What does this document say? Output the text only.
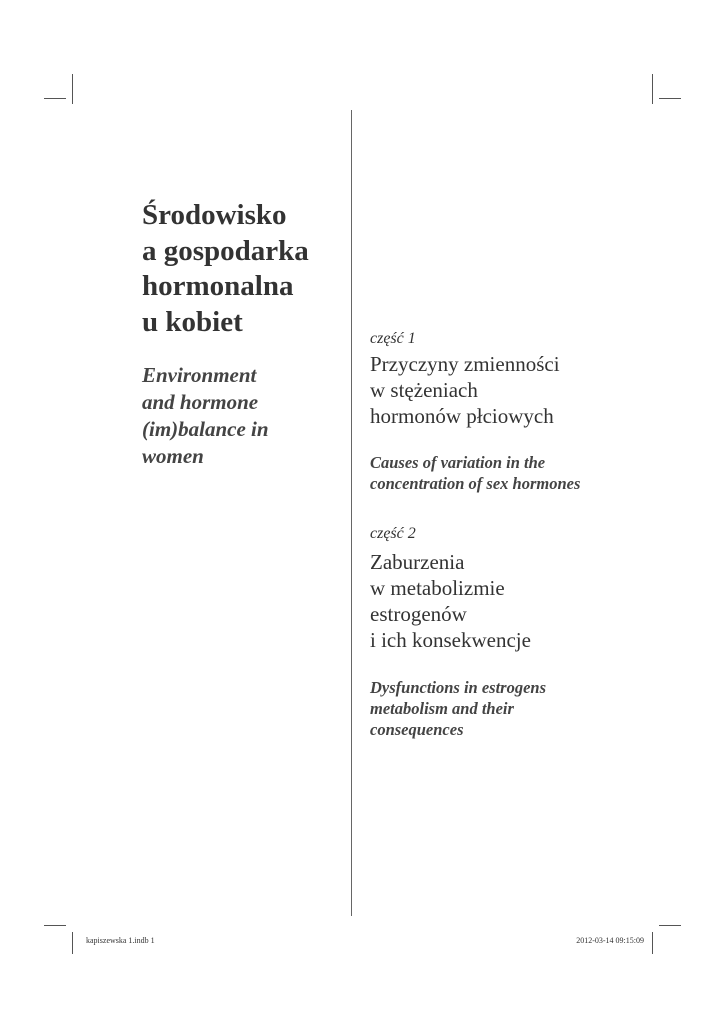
Środowisko
a gospodarka
hormonalna
u kobiet
Environment
and hormone
(im)balance in
women
część 1
Przyczyny zmienności
w stężeniach
hormonów płciowych
Causes of variation in the
concentration of sex hormones
część 2
Zaburzenia
w metabolizmie
estrogenów
i ich konsekwencje
Dysfunctions in estrogens
metabolism and their
consequences
kapiszewska 1.indb 1	2012-03-14 09:15:09
